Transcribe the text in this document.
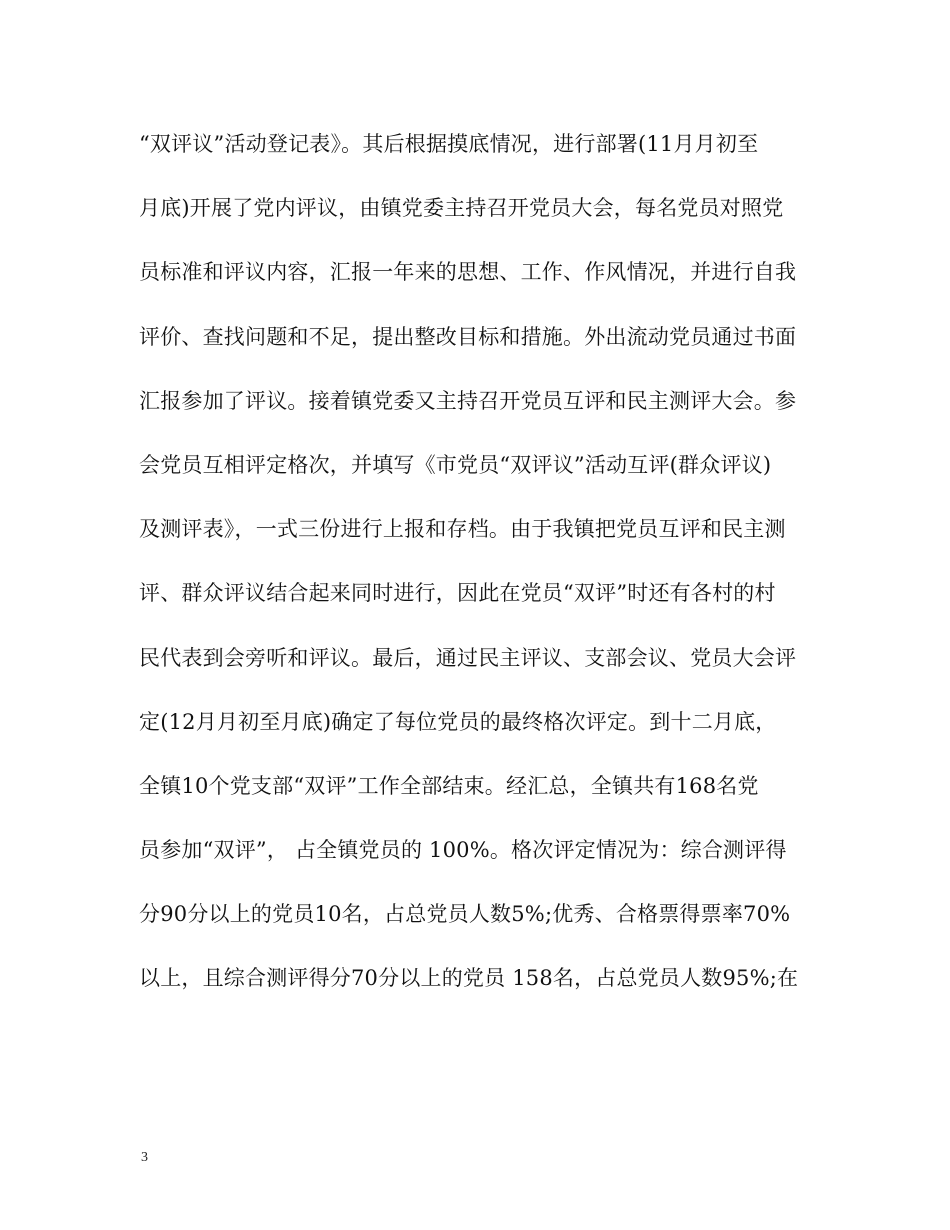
“双评议”活动登记表》。其后根据摸底情况，进行部署(11月月初至
月底)开展了党内评议，由镇党委主持召开党员大会，每名党员对照党
员标准和评议内容，汇报一年来的思想、工作、作风情况，并进行自我
评价、查找问题和不足，提出整改目标和措施。外出流动党员通过书面
汇报参加了评议。接着镇党委又主持召开党员互评和民主测评大会。参
会党员互相评定格次，并填写《市党员“双评议”活动互评(群众评议)
及测评表》，一式三份进行上报和存档。由于我镇把党员互评和民主测
评、群众评议结合起来同时进行，因此在党员“双评”时还有各村的村
民代表到会旁听和评议。最后，通过民主评议、支部会议、党员大会评
定(12月月初至月底)确定了每位党员的最终格次评定。到十二月底，
全镇10个党支部“双评”工作全部结束。经汇总，全镇共有168名党
员参加“双评”， 占全镇党员的 100%。格次评定情况为：综合测评得
分90分以上的党员10名，占总党员人数5%;优秀、合格票得票率70%
以上，且综合测评得分70分以上的党员 158名，占总党员人数95%;在
3
